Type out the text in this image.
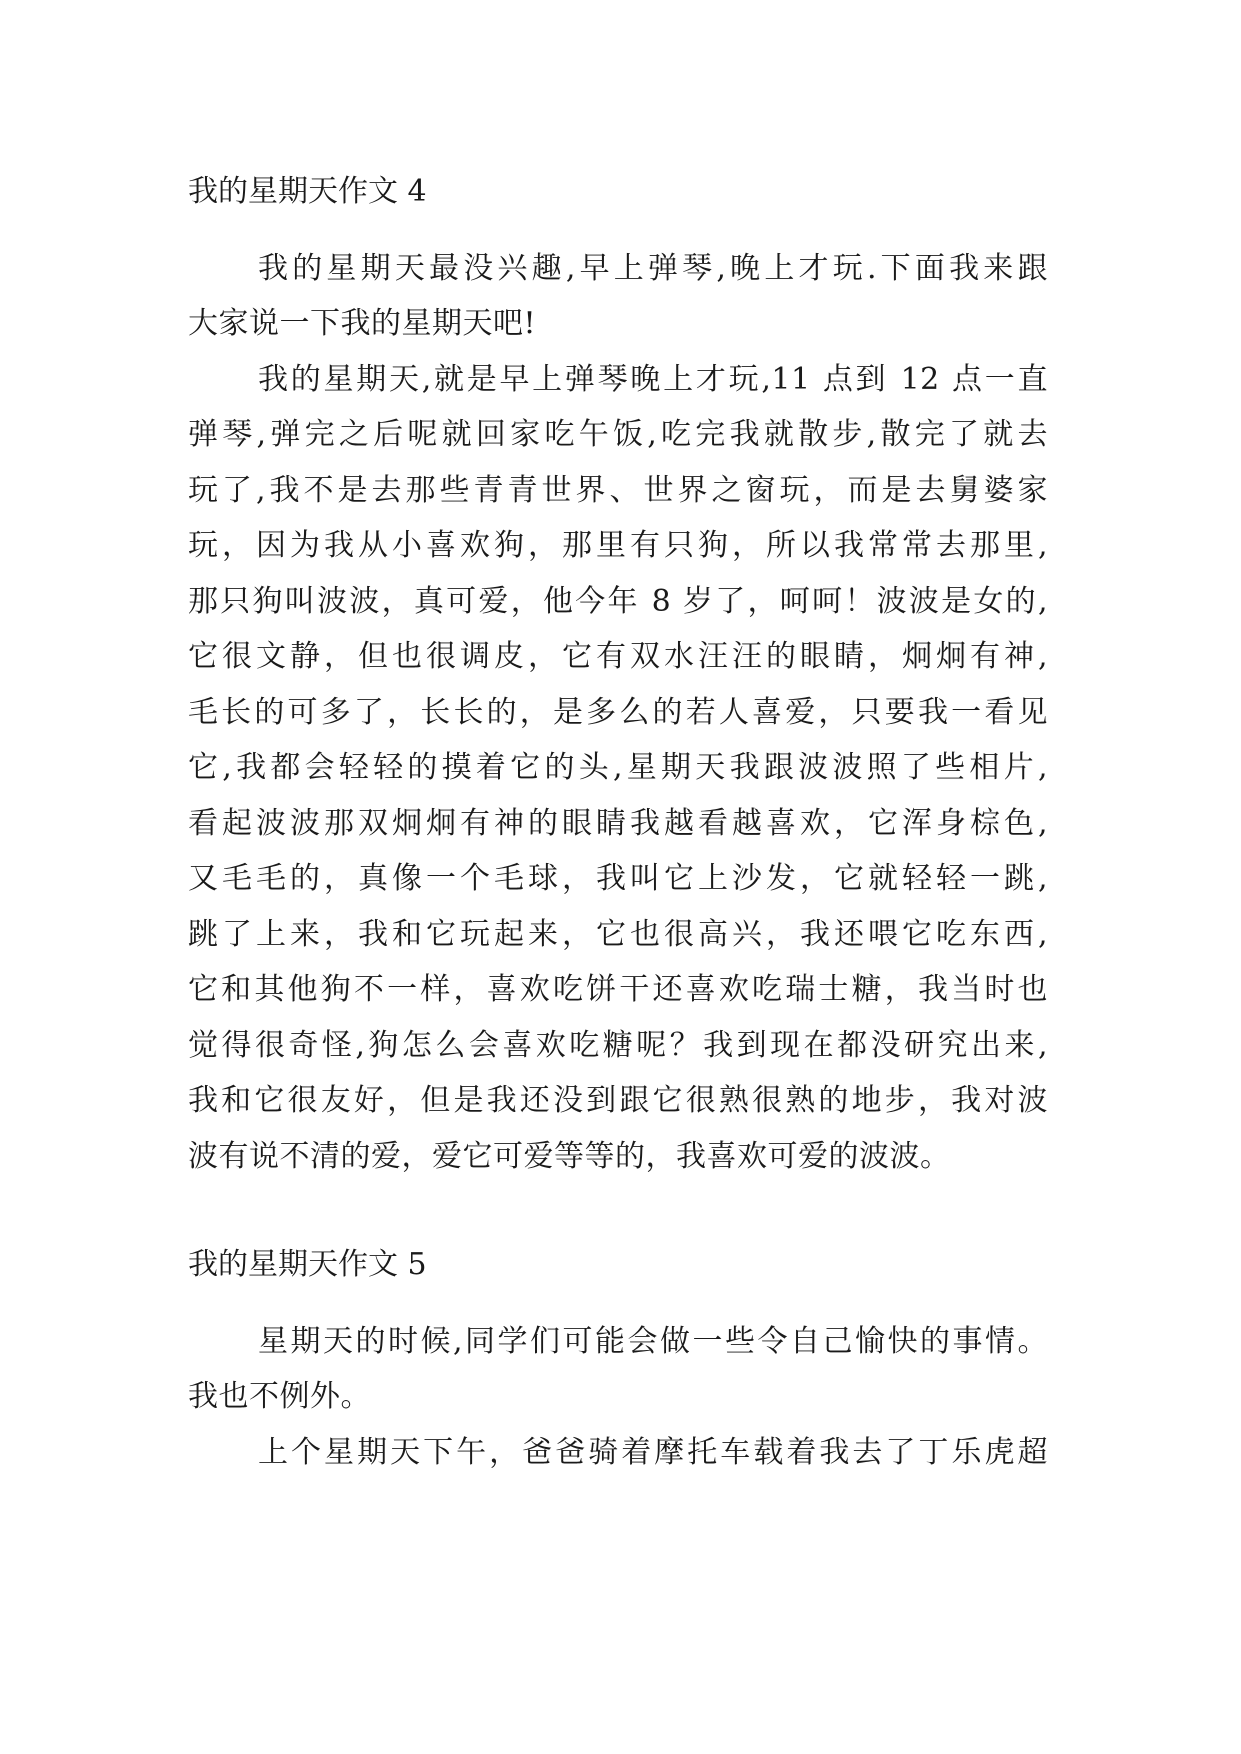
我的星期天作文 4
我的星期天最没兴趣,早上弹琴,晚上才玩.下面我来跟
大家说一下我的星期天吧!
我的星期天,就是早上弹琴晚上才玩,11 点到 12 点一直
弹琴,弹完之后呢就回家吃午饭,吃完我就散步,散完了就去
玩了,我不是去那些青青世界、世界之窗玩，而是去舅婆家
玩，因为我从小喜欢狗，那里有只狗，所以我常常去那里,
那只狗叫波波，真可爱，他今年 8 岁了，呵呵！波波是女的,
它很文静，但也很调皮，它有双水汪汪的眼睛，炯炯有神,
毛长的可多了，长长的，是多么的若人喜爱，只要我一看见
它,我都会轻轻的摸着它的头,星期天我跟波波照了些相片,
看起波波那双炯炯有神的眼睛我越看越喜欢，它浑身棕色,
又毛毛的，真像一个毛球，我叫它上沙发，它就轻轻一跳,
跳了上来，我和它玩起来，它也很高兴，我还喂它吃东西,
它和其他狗不一样，喜欢吃饼干还喜欢吃瑞士糖，我当时也
觉得很奇怪,狗怎么会喜欢吃糖呢？我到现在都没研究出来,
我和它很友好，但是我还没到跟它很熟很熟的地步，我对波
波有说不清的爱，爱它可爱等等的，我喜欢可爱的波波。
我的星期天作文 5
星期天的时候,同学们可能会做一些令自己愉快的事情。
我也不例外。
上个星期天下午，爸爸骑着摩托车载着我去了丁乐虎超
